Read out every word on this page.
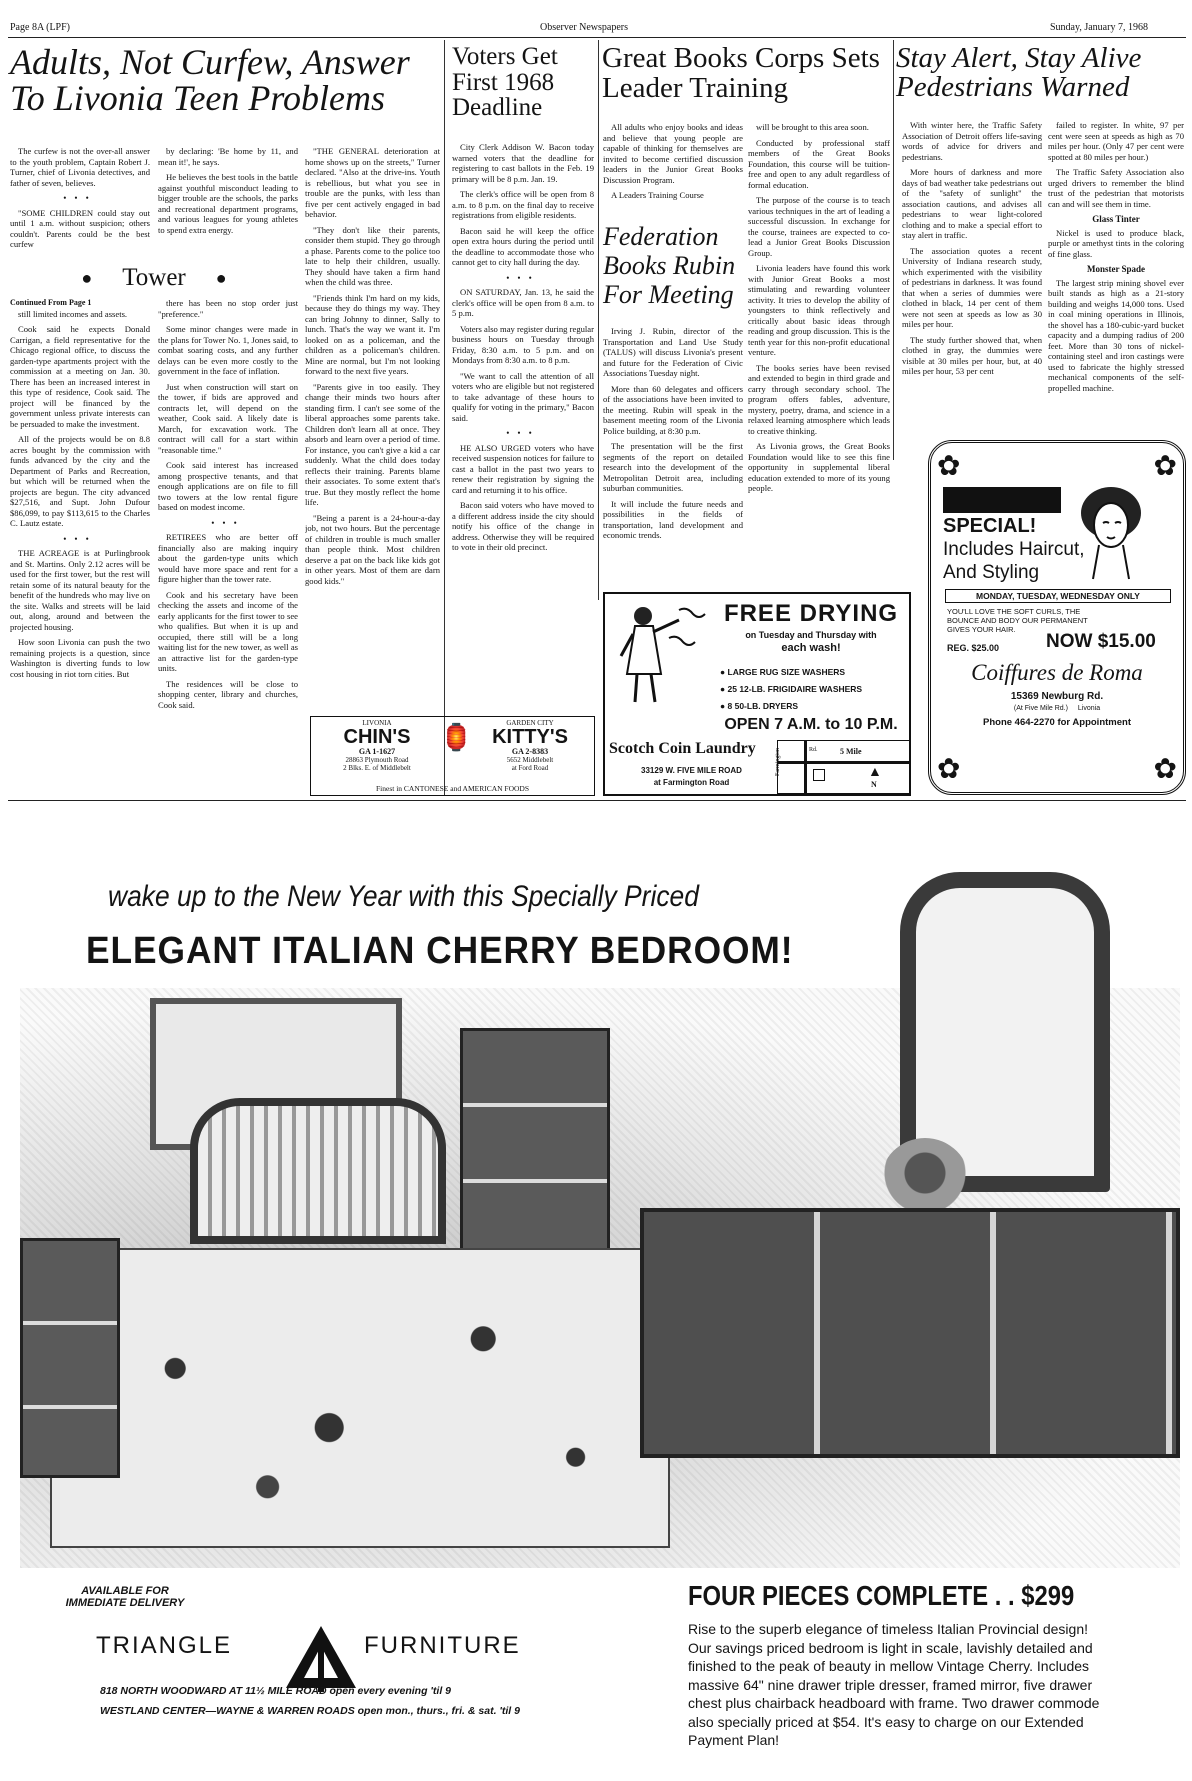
Page 8A (LPF)	Observer Newspapers	Sunday, January 7, 1968
Adults, Not Curfew, Answer To Livonia Teen Problems

The curfew is not the over-all answer to the youth problem, Captain Robert J. Turner, chief of Livonia detectives, and father of seven, believes.

•••

"SOME CHILDREN could stay out until 1 a.m. without suspicion; others couldn't. Parents could be the best curfew

by declaring: 'Be home by 11, and mean it!', he says.

He believes the best tools in the battle against youthful misconduct leading to bigger trouble are the schools, the parks and recreational department programs, and various leagues for young athletes to spend extra energy.

"THE GENERAL deterioration at home shows up on the streets," Turner declared. "Also at the drive-ins. Youth is rebellious, but what you see in trouble are the punks, with less than five per cent actively engaged in bad behavior.

"They don't like their parents, consider them stupid. They go through a phase. Parents come to the police too late to help their children, usually. They should have taken a firm hand when the child was three.

"Friends think I'm hard on my kids, because they do things my way. They can bring Johnny to dinner, Sally to lunch. That's the way we want it. I'm looked on as a policeman, and the children as a policeman's children. Mine are normal, but I'm not looking forward to the next five years.

"Parents give in too easily. They change their minds two hours after standing firm. I can't see some of the liberal approaches some parents take. Children don't learn all at once. They absorb and learn over a period of time. For instance, you can't give a kid a car suddenly. What the child does today reflects their training. Parents blame their associates. To some extent that's true. But they mostly reflect the home life.

"Being a parent is a 24-hour-a-day job, not two hours. But the percentage of children in trouble is much smaller than people think. Most children deserve a pat on the back like kids got in other years. Most of them are darn good kids."

● Tower ●
Continued From Page 1

still limited incomes and assets.

Cook said he expects Donald Carrigan, a field representative for the Chicago regional office, to discuss the garden-type apartments project with the commission at a meeting on Jan. 30. There has been an increased interest in this type of residence, Cook said. The project will be financed by the government unless private interests can be persuaded to make the investment.

All of the projects would be on 8.8 acres bought by the commission with funds advanced by the city and the Department of Parks and Recreation, but which will be returned when the projects are begun. The city advanced $27,516, and Supt. John Dufour $86,099, to pay $113,615 to the Charles C. Lautz estate.

•••

THE ACREAGE is at Purlingbrook and St. Martins. Only 2.12 acres will be used for the first tower, but the rest will retain some of its natural beauty for the benefit of the hundreds who may live on the site. Walks and streets will be laid out, along, around and between the projected housing.

How soon Livonia can push the two remaining projects is a question, since Washington is diverting funds to low cost housing in riot torn cities. But

there has been no stop order just "preference."

Some minor changes were made in the plans for Tower No. 1, Jones said, to combat soaring costs, and any further delays can be even more costly to the government in the face of inflation.

Just when construction will start on the tower, if bids are approved and contracts let, will depend on the weather, Cook said. A likely date is March, for excavation work. The contract will call for a start within "reasonable time."

Cook said interest has increased among prospective tenants, and that enough applications are on file to fill two towers at the low rental figure based on modest income.

•••

RETIREES who are better off financially also are making inquiry about the garden-type units which would have more space and rent for a figure higher than the tower rate.

Cook and his secretary have been checking the assets and income of the early applicants for the first tower to see who qualifies. But when it is up and occupied, there still will be a long waiting list for the new tower, as well as an attractive list for the garden-type units.

The residences will be close to shopping center, library and churches, Cook said.

Voters Get First 1968 Deadline

City Clerk Addison W. Bacon today warned voters that the deadline for registering to cast ballots in the Feb. 19 primary will be 8 p.m. Jan. 19.

The clerk's office will be open from 8 a.m. to 8 p.m. on the final day to receive registrations from eligible residents.

Bacon said he will keep the office open extra hours during the period until the deadline to accommodate those who cannot get to city hall during the day.

•••

ON SATURDAY, Jan. 13, he said the clerk's office will be open from 8 a.m. to 5 p.m.

Voters also may register during regular business hours on Tuesday through Friday, 8:30 a.m. to 5 p.m. and on Mondays from 8:30 a.m. to 8 p.m.

"We want to call the attention of all voters who are eligible but not registered to take advantage of these hours to qualify for voting in the primary," Bacon said.

•••

HE ALSO URGED voters who have received suspension notices for failure to cast a ballot in the past two years to renew their registration by signing the card and returning it to his office.

Bacon said voters who have moved to a different address inside the city should notify his office of the change in address. Otherwise they will be required to vote in their old precinct.

Great Books Corps Sets Leader Training

All adults who enjoy books and ideas and believe that young people are capable of thinking for themselves are invited to become certified discussion leaders in the Junior Great Books Discussion Program.

A Leaders Training Course

will be brought to this area soon.

Conducted by professional staff members of the Great Books Foundation, this course will be tuition-free and open to any adult regardless of formal education.

The purpose of the course is to teach various techniques in the art of leading a successful discussion. In exchange for the course, trainees are expected to co-lead a Junior Great Books Discussion Group.

Livonia leaders have found this work with Junior Great Books a most stimulating and rewarding volunteer activity. It tries to develop the ability of youngsters to think reflectively and critically about basic ideas through reading and group discussion. This is the tenth year for this non-profit educational venture.

The books series have been revised and extended to begin in third grade and carry through secondary school. The program offers fables, adventure, mystery, poetry, drama, and science in a relaxed learning atmosphere which leads to creative thinking.

As Livonia grows, the Great Books Foundation would like to see this fine opportunity in supplemental liberal education extended to more of its young people.

Federation Books Rubin For Meeting

Irving J. Rubin, director of the Transportation and Land Use Study (TALUS) will discuss Livonia's present and future for the Federation of Civic Associations Tuesday night.

More than 60 delegates and officers of the associations have been invited to the meeting. Rubin will speak in the basement meeting room of the Livonia Police building, at 8:30 p.m.

The presentation will be the first segments of the report on detailed research into the development of the Metropolitan Detroit area, including suburban communities.

It will include the future needs and possibilities in the fields of transportation, land development and economic trends.

Stay Alert, Stay Alive Pedestrians Warned

With winter here, the Traffic Safety Association of Detroit offers life-saving words of advice for drivers and pedestrians.

More hours of darkness and more days of bad weather take pedestrians out of the "safety of sunlight" the association cautions, and advises all pedestrians to wear light-colored clothing and to make a special effort to stay alert in traffic.

The association quotes a recent University of Indiana research study, which experimented with the visibility of pedestrians in darkness. It was found that when a series of dummies were clothed in black, 14 per cent of them were not seen at speeds as low as 30 miles per hour.

The study further showed that, when clothed in gray, the dummies were visible at 30 miles per hour, but, at 40 miles per hour, 53 per cent

failed to register. In white, 97 per cent were seen at speeds as high as 70 miles per hour. (Only 47 per cent were spotted at 80 miles per hour.)

The Traffic Safety Association also urged drivers to remember the blind trust of the pedestrian that motorists can and will see them in time.

Glass Tinter

Nickel is used to produce black, purple or amethyst tints in the coloring of fine glass.

Monster Spade

The largest strip mining shovel ever built stands as high as a 21-story building and weighs 14,000 tons. Used in coal mining operations in Illinois, the shovel has a 180-cubic-yard bucket capacity and a dumping radius of 200 feet. More than 30 tons of nickel-containing steel and iron castings were used to fabricate the highly stressed mechanical components of the self-propelled machine.

LIVONIA
CHIN'S
GA 1-1627
28863 Plymouth Road
2 Blks. E. of Middlebelt
🏮	GARDEN CITY
KITTY'S
GA 2-8383
5652 Middlebelt
at Ford Road
Finest in CANTONESE and AMERICAN FOODS
FREE DRYING
on Tuesday and Thursday with
each wash!
● LARGE RUG SIZE WASHERS
● 25 12-LB. FRIGIDAIRE WASHERS
● 8 50-LB. DRYERS
OPEN 7 A.M. to 10 P.M.
Scotch Coin Laundry
33129 W. FIVE MILE ROAD
at Farmington Road
Farmington	Rd.	5 Mile
▲
N
✿	✿
✿	✿
SPECIAL!
Includes Haircut,
And Styling
MONDAY, TUESDAY, WEDNESDAY ONLY
YOU'LL LOVE THE SOFT CURLS, THE BOUNCE AND BODY OUR PERMANENT GIVES YOUR HAIR.
REG. $25.00 NOW $15.00
Coiffures de Roma
15369 Newburg Rd.
(At Five Mile Rd.) Livonia
Phone 464-2270 for Appointment
wake up to the New Year with this Specially Priced
ELEGANT ITALIAN CHERRY BEDROOM!
FOUR PIECES COMPLETE . . $299
Rise to the superb elegance of timeless Italian Provincial design! Our savings priced bedroom is light in scale, lavishly detailed and finished to the peak of beauty in mellow Vintage Cherry. Includes massive 64" nine drawer triple dresser, framed mirror, five drawer chest plus chairback headboard with frame. Two drawer commode also specially priced at $54. It's easy to charge on our Extended Payment Plan!
AVAILABLE FOR IMMEDIATE DELIVERY
TRIANGLE	FURNITURE
818 NORTH WOODWARD AT 11½ MILE ROAD open every evening 'til 9
WESTLAND CENTER—WAYNE & WARREN ROADS open mon., thurs., fri. & sat. 'til 9
